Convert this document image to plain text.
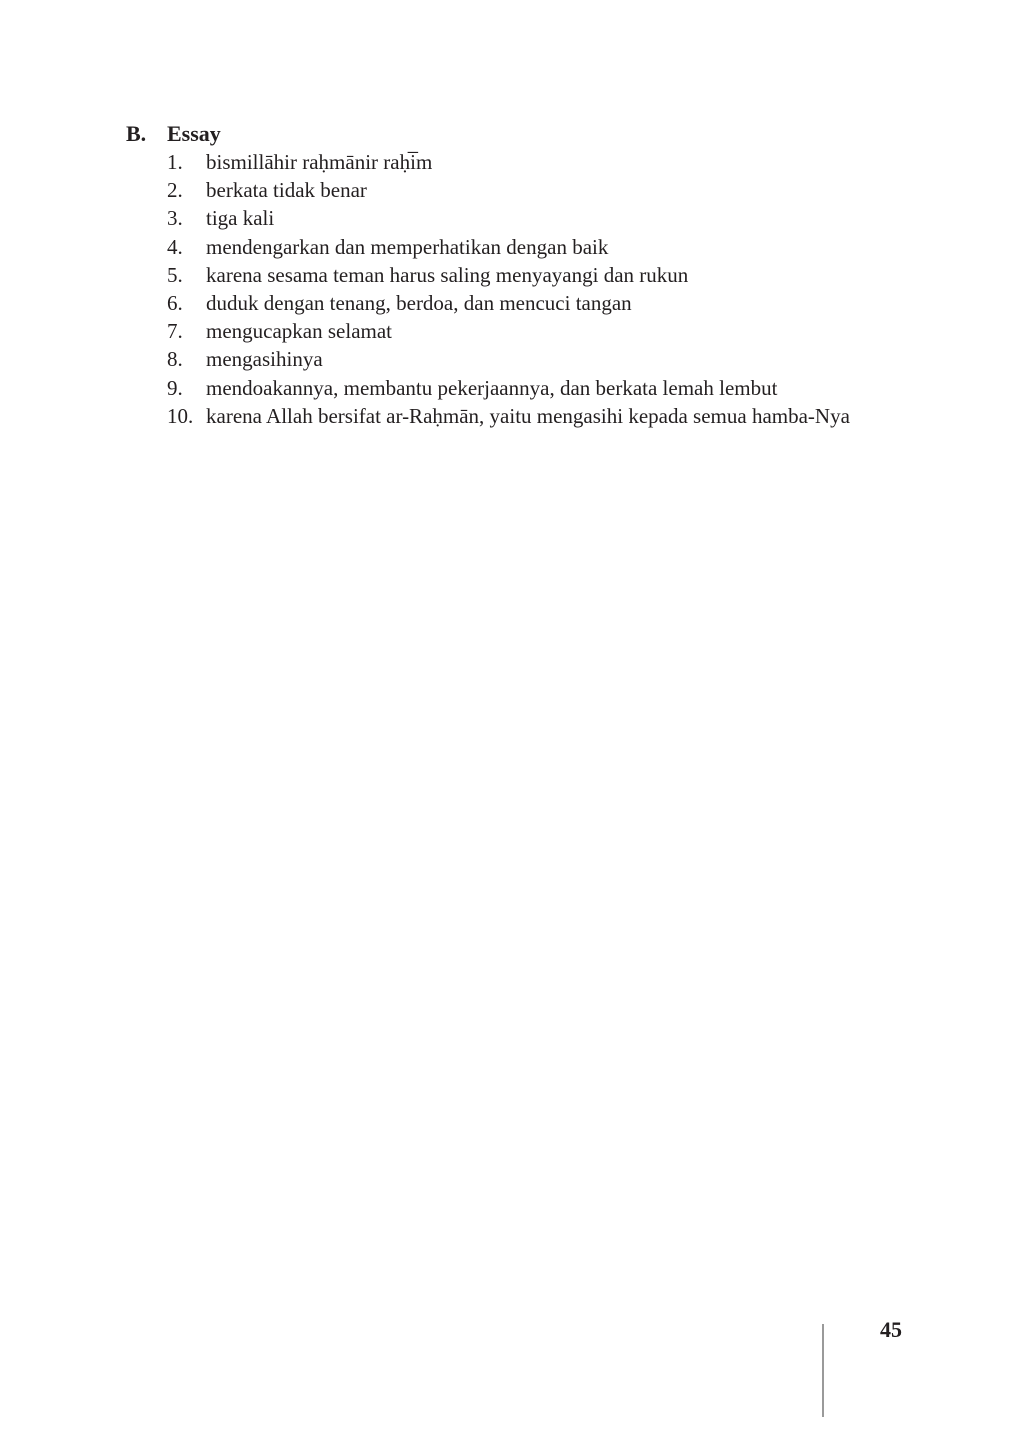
B. Essay
1.	bismillāhir raḥmānir raḥi̅m
2.	berkata tidak benar
3.	tiga kali
4.	mendengarkan dan memperhatikan dengan baik
5.	karena sesama teman harus saling menyayangi dan rukun
6.	duduk dengan tenang, berdoa, dan mencuci tangan
7.	mengucapkan selamat
8.	mengasihinya
9.	mendoakannya, membantu pekerjaannya, dan berkata lemah lembut
10. karena Allah bersifat ar-Raḥmān, yaitu mengasihi kepada semua hamba-Nya
45
